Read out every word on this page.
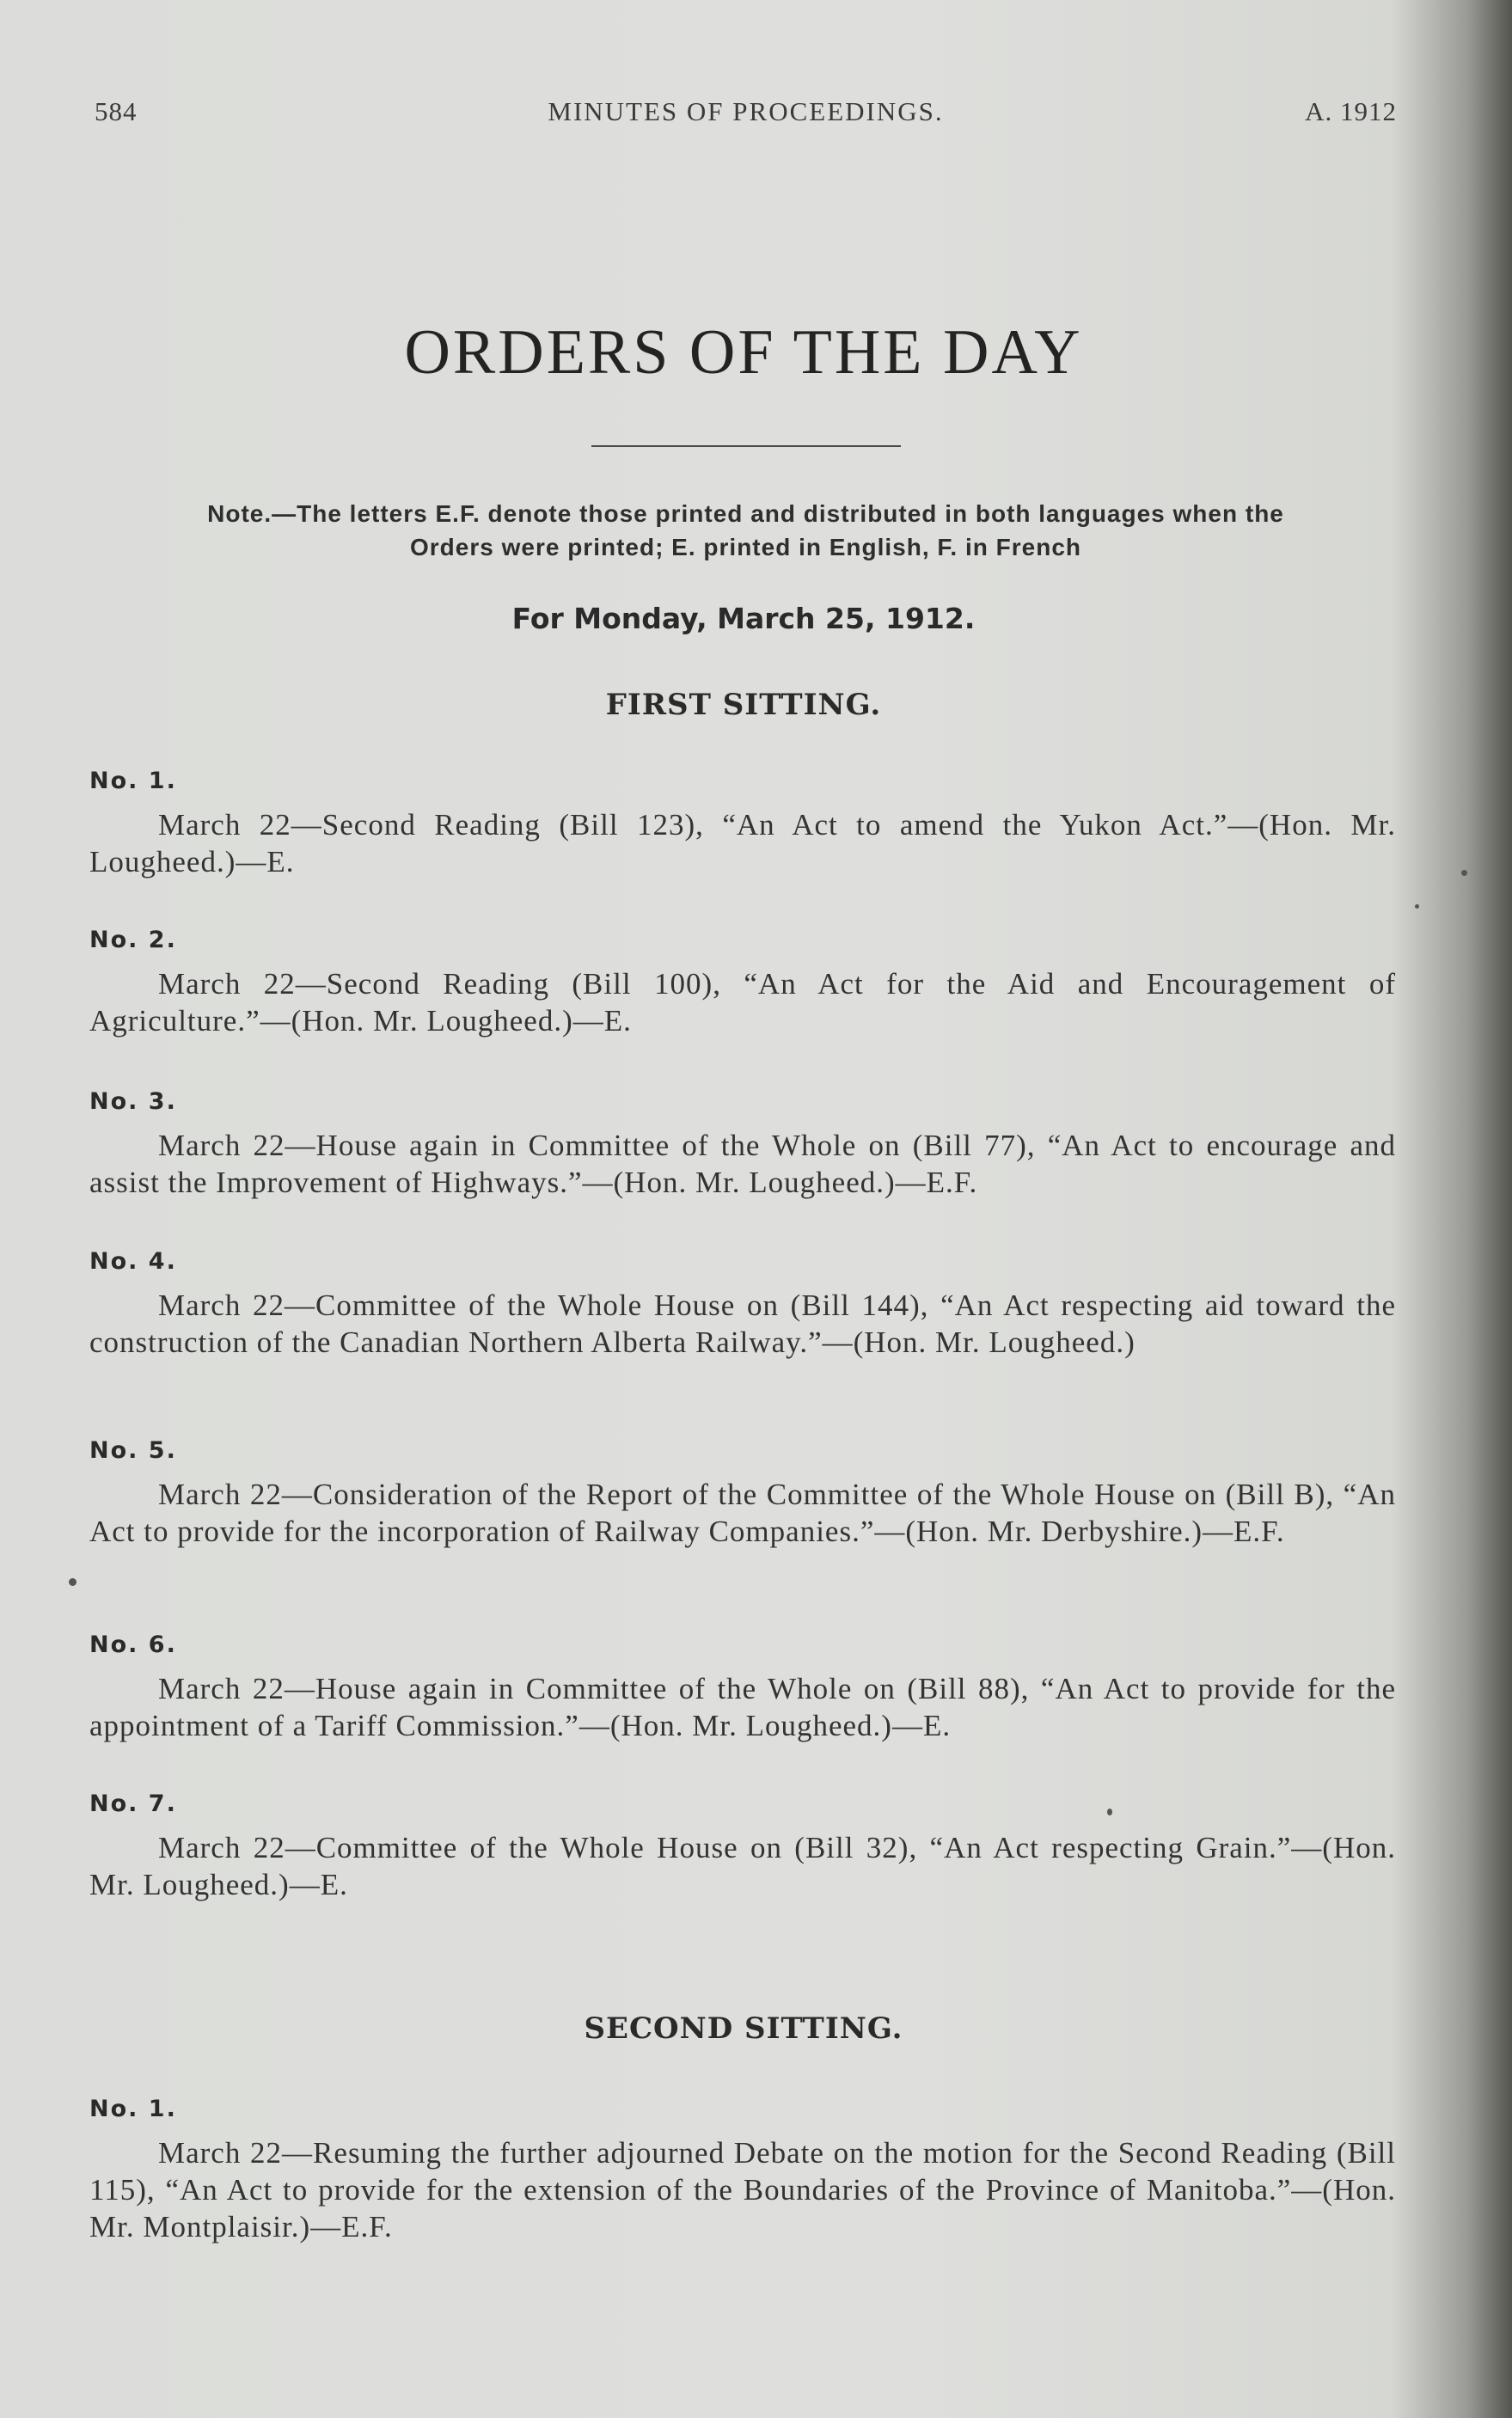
584	MINUTES OF PROCEEDINGS.	A. 1912
ORDERS OF THE DAY
Note.—The letters E.F. denote those printed and distributed in both languages when the
Orders were printed; E. printed in English, F. in French
For Monday, March 25, 1912.
FIRST SITTING.
No. 1.
March 22—Second Reading (Bill 123), “An Act to amend the Yukon Act.”—(Hon. Mr. Lougheed.)—E.
No. 2.
March 22—Second Reading (Bill 100), “An Act for the Aid and Encouragement of Agriculture.”—(Hon. Mr. Lougheed.)—E.
No. 3.
March 22—House again in Committee of the Whole on (Bill 77), “An Act to encourage and assist the Improvement of Highways.”—(Hon. Mr. Lougheed.)—E.F.
No. 4.
March 22—Committee of the Whole House on (Bill 144), “An Act respecting aid toward the construction of the Canadian Northern Alberta Railway.”—(Hon. Mr. Lougheed.)
No. 5.
March 22—Consideration of the Report of the Committee of the Whole House on (Bill B), “An Act to provide for the incorporation of Railway Companies.”—(Hon. Mr. Derbyshire.)—E.F.
No. 6.
March 22—House again in Committee of the Whole on (Bill 88), “An Act to provide for the appointment of a Tariff Commission.”—(Hon. Mr. Lougheed.)—E.
No. 7.
March 22—Committee of the Whole House on (Bill 32), “An Act respecting Grain.”—(Hon. Mr. Lougheed.)—E.
SECOND SITTING.
No. 1.
March 22—Resuming the further adjourned Debate on the motion for the Second Reading (Bill 115), “An Act to provide for the extension of the Boundaries of the Province of Manitoba.”—(Hon. Mr. Montplaisir.)—E.F.
